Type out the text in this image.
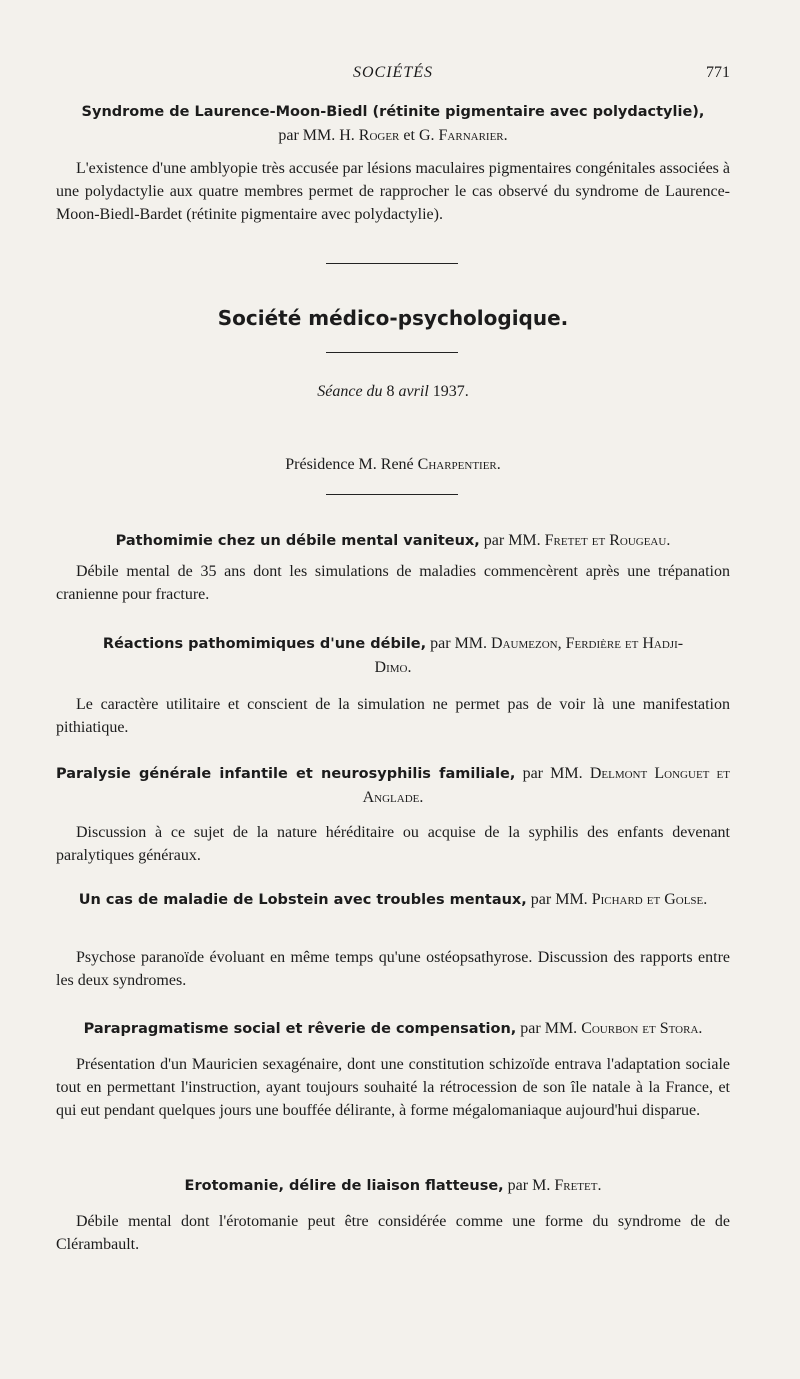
SOCIÉTÉS	771
Syndrome de Laurence-Moon-Biedl (rétinite pigmentaire avec polydactylie),
par MM. H. Roger et G. Farnarier.
L'existence d'une amblyopie très accusée par lésions maculaires pigmentaires congénitales associées à une polydactylie aux quatre membres permet de rapprocher le cas observé du syndrome de Laurence-Moon-Biedl-Bardet (rétinite pigmentaire avec polydactylie).
Société médico-psychologique.
Séance du 8 avril 1937.
Présidence M. René Charpentier.
Pathomimie chez un débile mental vaniteux, par MM. Fretet et Rougeau.
Débile mental de 35 ans dont les simulations de maladies commencèrent après une trépanation cranienne pour fracture.
Réactions pathomimiques d'une débile, par MM. Daumezon, Ferdière et Hadji-Dimo.
Le caractère utilitaire et conscient de la simulation ne permet pas de voir là une manifestation pithiatique.
Paralysie générale infantile et neurosyphilis familiale, par MM. Delmont Longuet et Anglade.
Discussion à ce sujet de la nature héréditaire ou acquise de la syphilis des enfants devenant paralytiques généraux.
Un cas de maladie de Lobstein avec troubles mentaux, par MM. Pichard et Golse.
Psychose paranoïde évoluant en même temps qu'une ostéopsathyrose. Discussion des rapports entre les deux syndromes.
Parapragmatisme social et rêverie de compensation, par MM. Courbon et Stora.
Présentation d'un Mauricien sexagénaire, dont une constitution schizoïde entrava l'adaptation sociale tout en permettant l'instruction, ayant toujours souhaité la rétrocession de son île natale à la France, et qui eut pendant quelques jours une bouffée délirante, à forme mégalomaniaque aujourd'hui disparue.
Erotomanie, délire de liaison flatteuse, par M. Fretet.
Débile mental dont l'érotomanie peut être considérée comme une forme du syndrome de de Clérambault.
